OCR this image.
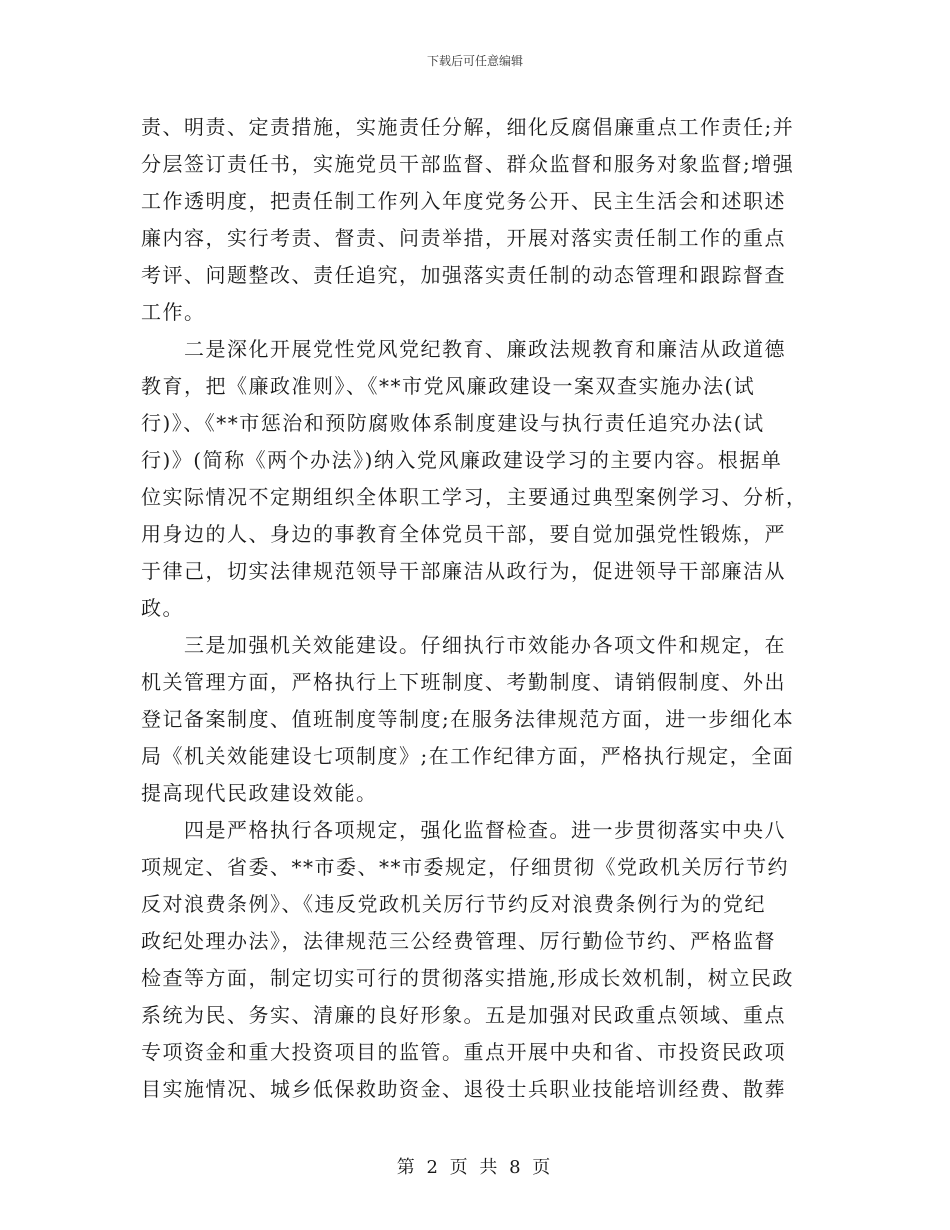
下载后可任意编辑
责、明责、定责措施，实施责任分解，细化反腐倡廉重点工作责任;并
分层签订责任书，实施党员干部监督、群众监督和服务对象监督;增强
工作透明度，把责任制工作列入年度党务公开、民主生活会和述职述
廉内容，实行考责、督责、问责举措，开展对落实责任制工作的重点
考评、问题整改、责任追究，加强落实责任制的动态管理和跟踪督查
工作。
　　二是深化开展党性党风党纪教育、廉政法规教育和廉洁从政道德
教育，把《廉政准则》、《**市党风廉政建设一案双查实施办法(试
行)》、《**市惩治和预防腐败体系制度建设与执行责任追究办法(试
行)》(简称《两个办法》)纳入党风廉政建设学习的主要内容。根据单
位实际情况不定期组织全体职工学习，主要通过典型案例学习、分析，
用身边的人、身边的事教育全体党员干部，要自觉加强党性锻炼，严
于律己，切实法律规范领导干部廉洁从政行为，促进领导干部廉洁从
政。
　　三是加强机关效能建设。仔细执行市效能办各项文件和规定，在
机关管理方面，严格执行上下班制度、考勤制度、请销假制度、外出
登记备案制度、值班制度等制度;在服务法律规范方面，进一步细化本
局《机关效能建设七项制度》;在工作纪律方面，严格执行规定，全面
提高现代民政建设效能。
　　四是严格执行各项规定，强化监督检查。进一步贯彻落实中央八
项规定、省委、**市委、**市委规定，仔细贯彻《党政机关厉行节约
反对浪费条例》、《违反党政机关厉行节约反对浪费条例行为的党纪
政纪处理办法》，法律规范三公经费管理、厉行勤俭节约、严格监督
检查等方面，制定切实可行的贯彻落实措施,形成长效机制，树立民政
系统为民、务实、清廉的良好形象。五是加强对民政重点领域、重点
专项资金和重大投资项目的监管。重点开展中央和省、市投资民政项
目实施情况、城乡低保救助资金、退役士兵职业技能培训经费、散葬
第 2 页 共 8 页
